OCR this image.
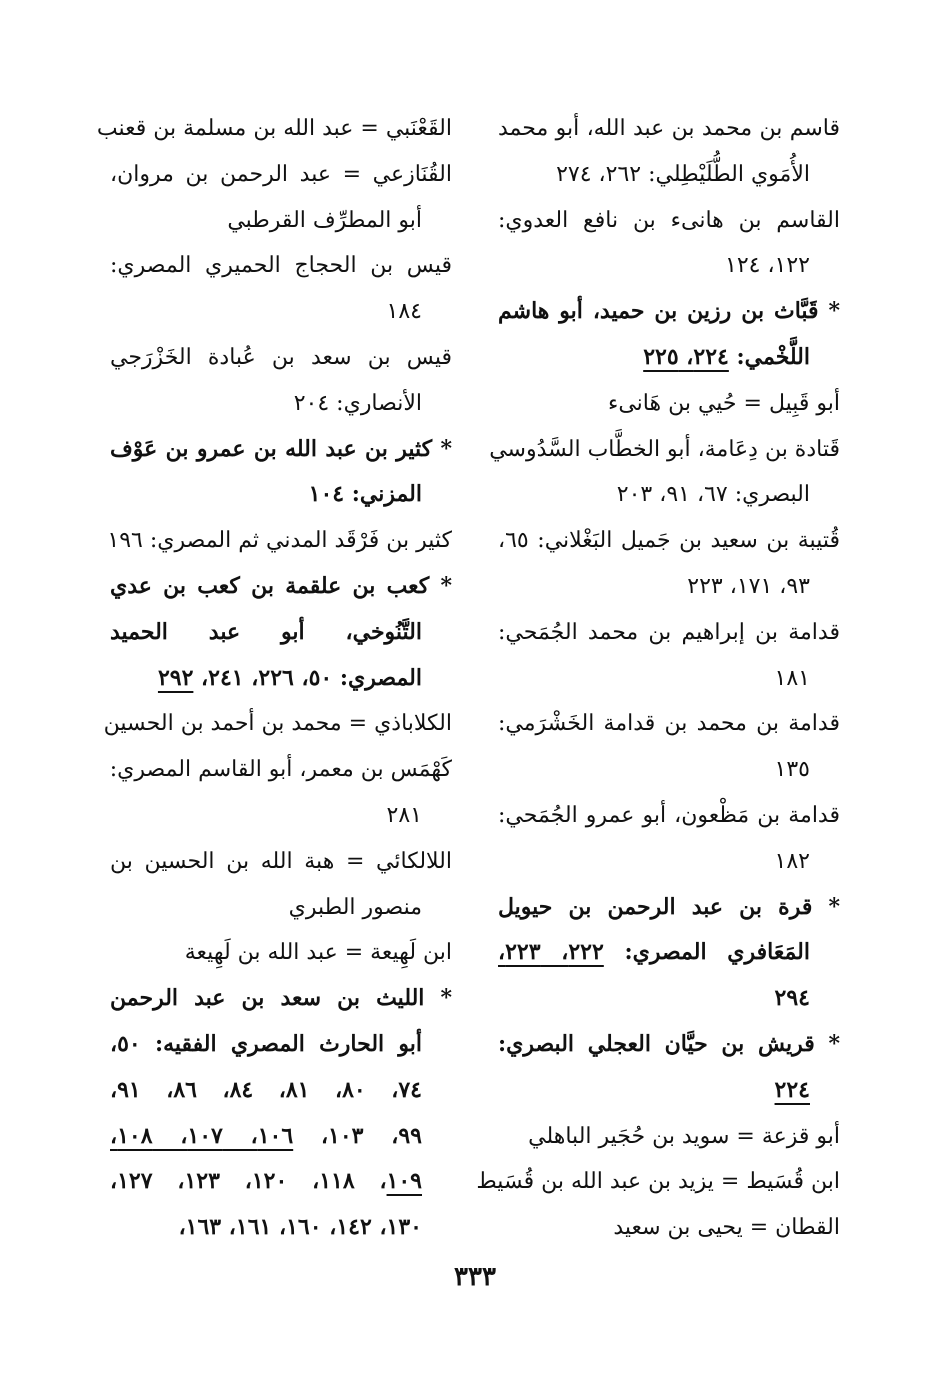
قاسم بن محمد بن عبد الله، أبو محمد
الأُمَوي الطُّلَيْطِلي: ٢٦٢، ٢٧٤
القاسم بن هانىء بن نافع العدوي:
١٢٢، ١٢٤
* قَبَّاث بن رزين بن حميد، أبو هاشم
اللَّخْمي: ٢٢٤، ٢٢٥
أبو قَبِيل = حُيي بن هَانىء
قَتادة بن دِعَامة، أبو الخطَّاب السَّدُوسي
البصري: ٦٧، ٩١، ٢٠٣
قُتيبة بن سعيد بن جَميل البَغْلاني: ٦٥،
٩٣، ١٧١، ٢٢٣
قدامة بن إبراهيم بن محمد الجُمَحي:
١٨١
قدامة بن محمد بن قدامة الخَشْرَمي:
١٣٥
قدامة بن مَظْعون، أبو عمرو الجُمَحي:
١٨٢
* قرة بن عبد الرحمن بن حيويل
المَعَافري المصري: ٢٢٢، ٢٢٣،
٢٩٤
* قريش بن حيَّان العجلي البصري:
٢٢٤
أبو قزعة = سويد بن حُجَير الباهلي
ابن قُسَيط = يزيد بن عبد الله بن قُسَيط
القطان = يحيى بن سعيد
القَعْنَبي = عبد الله بن مسلمة بن قعنب
القُنَازعي = عبد الرحمن بن مروان،
أبو المطرِّف القرطبي
قيس بن الحجاج الحميري المصري:
١٨٤
قيس بن سعد بن عُبادة الخَزْرَجي
الأنصاري: ٢٠٤
* كثير بن عبد الله بن عمرو بن عَوْف
المزني: ١٠٤
كثير بن فَرْقَد المدني ثم المصري: ١٩٦
* كعب بن علقمة بن كعب بن عدي
التَّنُوخي، أبو عبد الحميد
المصري: ٥٠، ٢٢٦، ٢٤١، ٢٩٢
الكلاباذي = محمد بن أحمد بن الحسين
كَهْمَس بن معمر، أبو القاسم المصري:
٢٨١
اللالكائي = هبة الله بن الحسين بن
منصور الطبري
ابن لَهِيعة = عبد الله بن لَهِيعة
* الليث بن سعد بن عبد الرحمن
أبو الحارث المصري الفقيه: ٥٠،
٧٤، ٨٠، ٨١، ٨٤، ٨٦، ٩١،
٩٩، ١٠٣، ١٠٦، ١٠٧، ١٠٨،
١٠٩، ١١٨، ١٢٠، ١٢٣، ١٢٧،
١٣٠، ١٤٢، ١٦٠، ١٦١، ١٦٣،
٣٣٣
